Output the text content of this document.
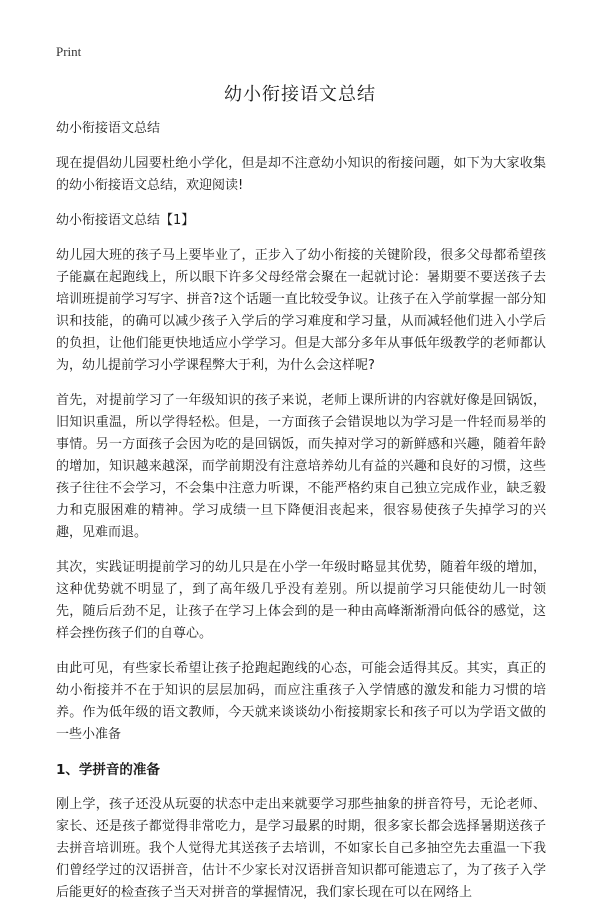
Print
幼小衔接语文总结

幼小衔接语文总结

现在提倡幼儿园要杜绝小学化，但是却不注意幼小知识的衔接问题，如下为大家收集的幼小衔接语文总结，欢迎阅读!

幼小衔接语文总结【1】

幼儿园大班的孩子马上要毕业了，正步入了幼小衔接的关键阶段，很多父母都希望孩子能赢在起跑线上，所以眼下许多父母经常会聚在一起就讨论：暑期要不要送孩子去培训班提前学习写字、拼音?这个话题一直比较受争议。让孩子在入学前掌握一部分知识和技能，的确可以减少孩子入学后的学习难度和学习量，从而减轻他们进入小学后的负担，让他们能更快地适应小学学习。但是大部分多年从事低年级教学的老师都认为，幼儿提前学习小学课程弊大于利，为什么会这样呢?

首先，对提前学习了一年级知识的孩子来说，老师上课所讲的内容就好像是回锅饭，旧知识重温，所以学得轻松。但是，一方面孩子会错误地以为学习是一件轻而易举的事情。另一方面孩子会因为吃的是回锅饭，而失掉对学习的新鲜感和兴趣，随着年龄的增加，知识越来越深，而学前期没有注意培养幼儿有益的兴趣和良好的习惯，这些孩子往往不会学习，不会集中注意力听课，不能严格约束自己独立完成作业，缺乏毅力和克服困难的精神。学习成绩一旦下降便泪丧起来，很容易使孩子失掉学习的兴趣，见难而退。

其次，实践证明提前学习的幼儿只是在小学一年级时略显其优势，随着年级的增加，这种优势就不明显了，到了高年级几乎没有差别。所以提前学习只能使幼儿一时领先，随后后劲不足，让孩子在学习上体会到的是一种由高峰渐渐滑向低谷的感觉，这样会挫伤孩子们的自尊心。

由此可见，有些家长希望让孩子抢跑起跑线的心态，可能会适得其反。其实，真正的幼小衔接并不在于知识的层层加码，而应注重孩子入学情感的激发和能力习惯的培养。作为低年级的语文教师，今天就来谈谈幼小衔接期家长和孩子可以为学语文做的一些小准备

1、学拼音的准备

刚上学，孩子还没从玩耍的状态中走出来就要学习那些抽象的拼音符号，无论老师、家长、还是孩子都觉得非常吃力，是学习最累的时期，很多家长都会选择暑期送孩子去拼音培训班。我个人觉得尤其送孩子去培训，不如家长自己多抽空先去重温一下我们曾经学过的汉语拼音，估计不少家长对汉语拼音知识都可能遗忘了，为了孩子入学后能更好的检查孩子当天对拼音的掌握情况，我们家长现在可以在网络上
